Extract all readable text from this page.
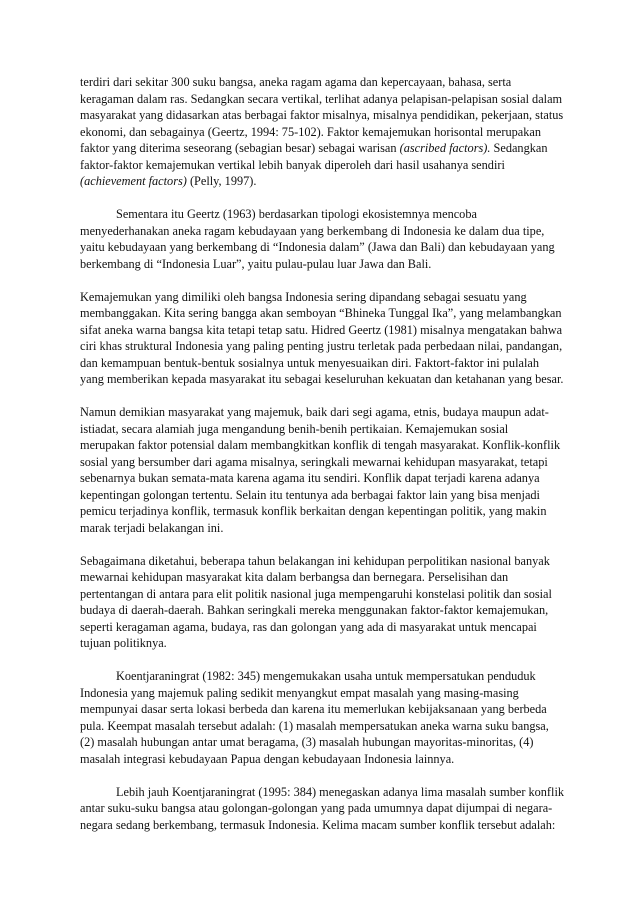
terdiri dari sekitar 300 suku bangsa, aneka ragam agama dan kepercayaan, bahasa, serta keragaman dalam ras. Sedangkan secara vertikal, terlihat adanya pelapisan-pelapisan sosial dalam masyarakat yang didasarkan atas berbagai faktor misalnya, misalnya pendidikan, pekerjaan, status ekonomi, dan sebagainya (Geertz, 1994: 75-102). Faktor kemajemukan horisontal merupakan faktor yang diterima seseorang (sebagian besar) sebagai warisan (ascribed factors). Sedangkan faktor-faktor kemajemukan vertikal lebih banyak diperoleh dari hasil usahanya sendiri (achievement factors) (Pelly, 1997).

Sementara itu Geertz (1963) berdasarkan tipologi ekosistemnya mencoba menyederhanakan aneka ragam kebudayaan yang berkembang di Indonesia ke dalam dua tipe, yaitu kebudayaan yang berkembang di “Indonesia dalam” (Jawa dan Bali) dan kebudayaan yang berkembang di “Indonesia Luar”, yaitu pulau-pulau luar Jawa dan Bali.

Kemajemukan yang dimiliki oleh bangsa Indonesia sering dipandang sebagai sesuatu yang membanggakan. Kita sering bangga akan semboyan “Bhineka Tunggal Ika”, yang melambangkan sifat aneka warna bangsa kita tetapi tetap satu. Hidred Geertz (1981) misalnya mengatakan bahwa ciri khas struktural Indonesia yang paling penting justru terletak pada perbedaan nilai, pandangan, dan kemampuan bentuk-bentuk sosialnya untuk menyesuaikan diri. Faktort-faktor ini pulalah yang memberikan kepada masyarakat itu sebagai keseluruhan kekuatan dan ketahanan yang besar.

Namun demikian masyarakat yang majemuk, baik dari segi agama, etnis, budaya maupun adat-istiadat, secara alamiah juga mengandung benih-benih pertikaian. Kemajemukan sosial merupakan faktor potensial dalam membangkitkan konflik di tengah masyarakat. Konflik-konflik sosial yang bersumber dari agama misalnya, seringkali mewarnai kehidupan masyarakat, tetapi sebenarnya bukan semata-mata karena agama itu sendiri. Konflik dapat terjadi karena adanya kepentingan golongan tertentu. Selain itu tentunya ada berbagai faktor lain yang bisa menjadi pemicu terjadinya konflik, termasuk konflik berkaitan dengan kepentingan politik, yang makin marak terjadi belakangan ini.

Sebagaimana diketahui, beberapa tahun belakangan ini kehidupan perpolitikan nasional banyak mewarnai kehidupan masyarakat kita dalam berbangsa dan bernegara. Perselisihan dan pertentangan di antara para elit politik nasional juga mempengaruhi konstelasi politik dan sosial budaya di daerah-daerah. Bahkan seringkali mereka menggunakan faktor-faktor kemajemukan, seperti keragaman agama, budaya, ras dan golongan yang ada di masyarakat untuk mencapai tujuan politiknya.

Koentjaraningrat (1982: 345) mengemukakan usaha untuk mempersatukan penduduk Indonesia yang majemuk paling sedikit menyangkut empat masalah yang masing-masing mempunyai dasar serta lokasi berbeda dan karena itu memerlukan kebijaksanaan yang berbeda pula. Keempat masalah tersebut adalah: (1) masalah mempersatukan aneka warna suku bangsa, (2) masalah hubungan antar umat beragama, (3) masalah hubungan mayoritas-minoritas, (4) masalah integrasi kebudayaan Papua dengan kebudayaan Indonesia lainnya.

Lebih jauh Koentjaraningrat (1995: 384) menegaskan adanya lima masalah sumber konflik antar suku-suku bangsa atau golongan-golongan yang pada umumnya dapat dijumpai di negara-negara sedang berkembang, termasuk Indonesia. Kelima macam sumber konflik tersebut adalah:
